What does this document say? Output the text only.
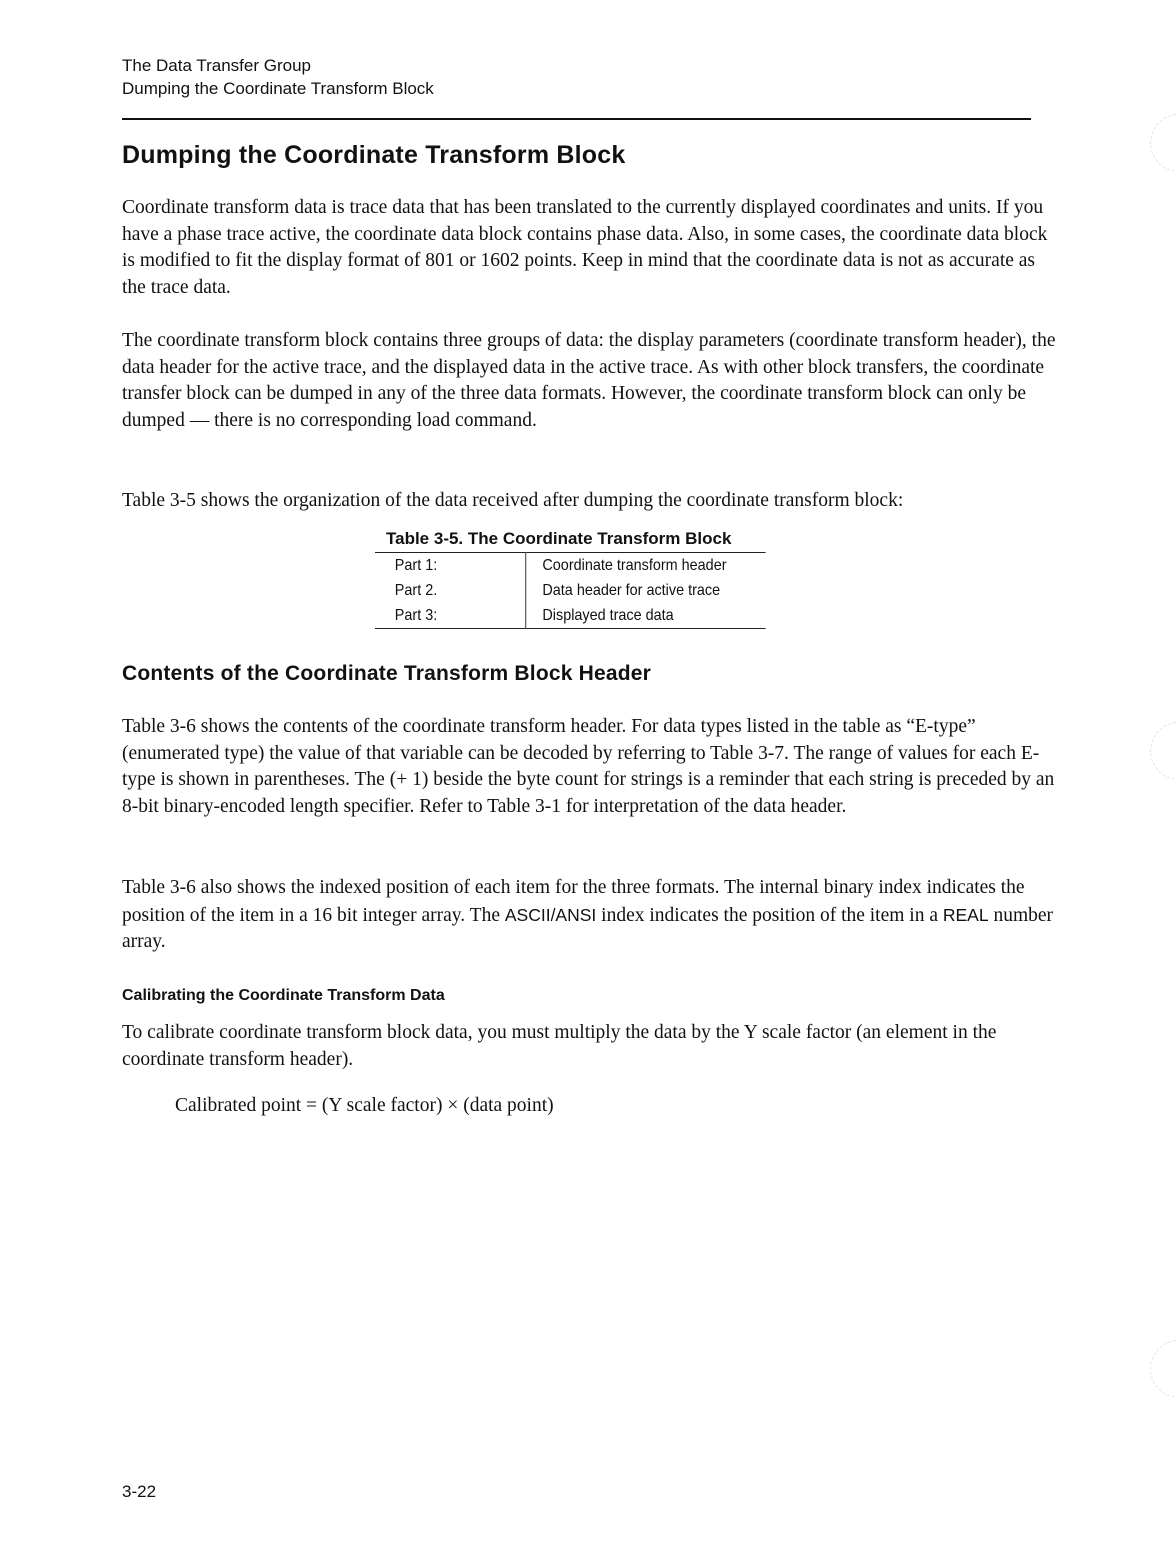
The Data Transfer Group
Dumping the Coordinate Transform Block
Dumping the Coordinate Transform Block

Coordinate transform data is trace data that has been translated to the currently displayed coordinates and units. If you have a phase trace active, the coordinate data block contains phase data. Also, in some cases, the coordinate data block is modified to fit the display format of 801 or 1602 points. Keep in mind that the coordinate data is not as accurate as the trace data.

The coordinate transform block contains three groups of data: the display parameters (coordinate transform header), the data header for the active trace, and the displayed data in the active trace. As with other block transfers, the coordinate transfer block can be dumped in any of the three data formats. However, the coordinate transform block can only be dumped — there is no corresponding load command.

Table 3-5 shows the organization of the data received after dumping the coordinate transform block:

Table 3-5. The Coordinate Transform Block
Part 1:	Coordinate transform header
Part 2.	Data header for active trace
Part 3:	Displayed trace data
Contents of the Coordinate Transform Block Header

Table 3-6 shows the contents of the coordinate transform header. For data types listed in the table as “E-type” (enumerated type) the value of that variable can be decoded by referring to Table 3-7. The range of values for each E-type is shown in parentheses. The (+ 1) beside the byte count for strings is a reminder that each string is preceded by an 8-bit binary-encoded length specifier. Refer to Table 3-1 for interpretation of the data header.

Table 3-6 also shows the indexed position of each item for the three formats. The internal binary index indicates the position of the item in a 16 bit integer array. The ASCII/ANSI index indicates the position of the item in a REAL number array.

Calibrating the Coordinate Transform Data

To calibrate coordinate transform block data, you must multiply the data by the Y scale factor (an element in the coordinate transform header).

Calibrated point = (Y scale factor) × (data point)
3-22
